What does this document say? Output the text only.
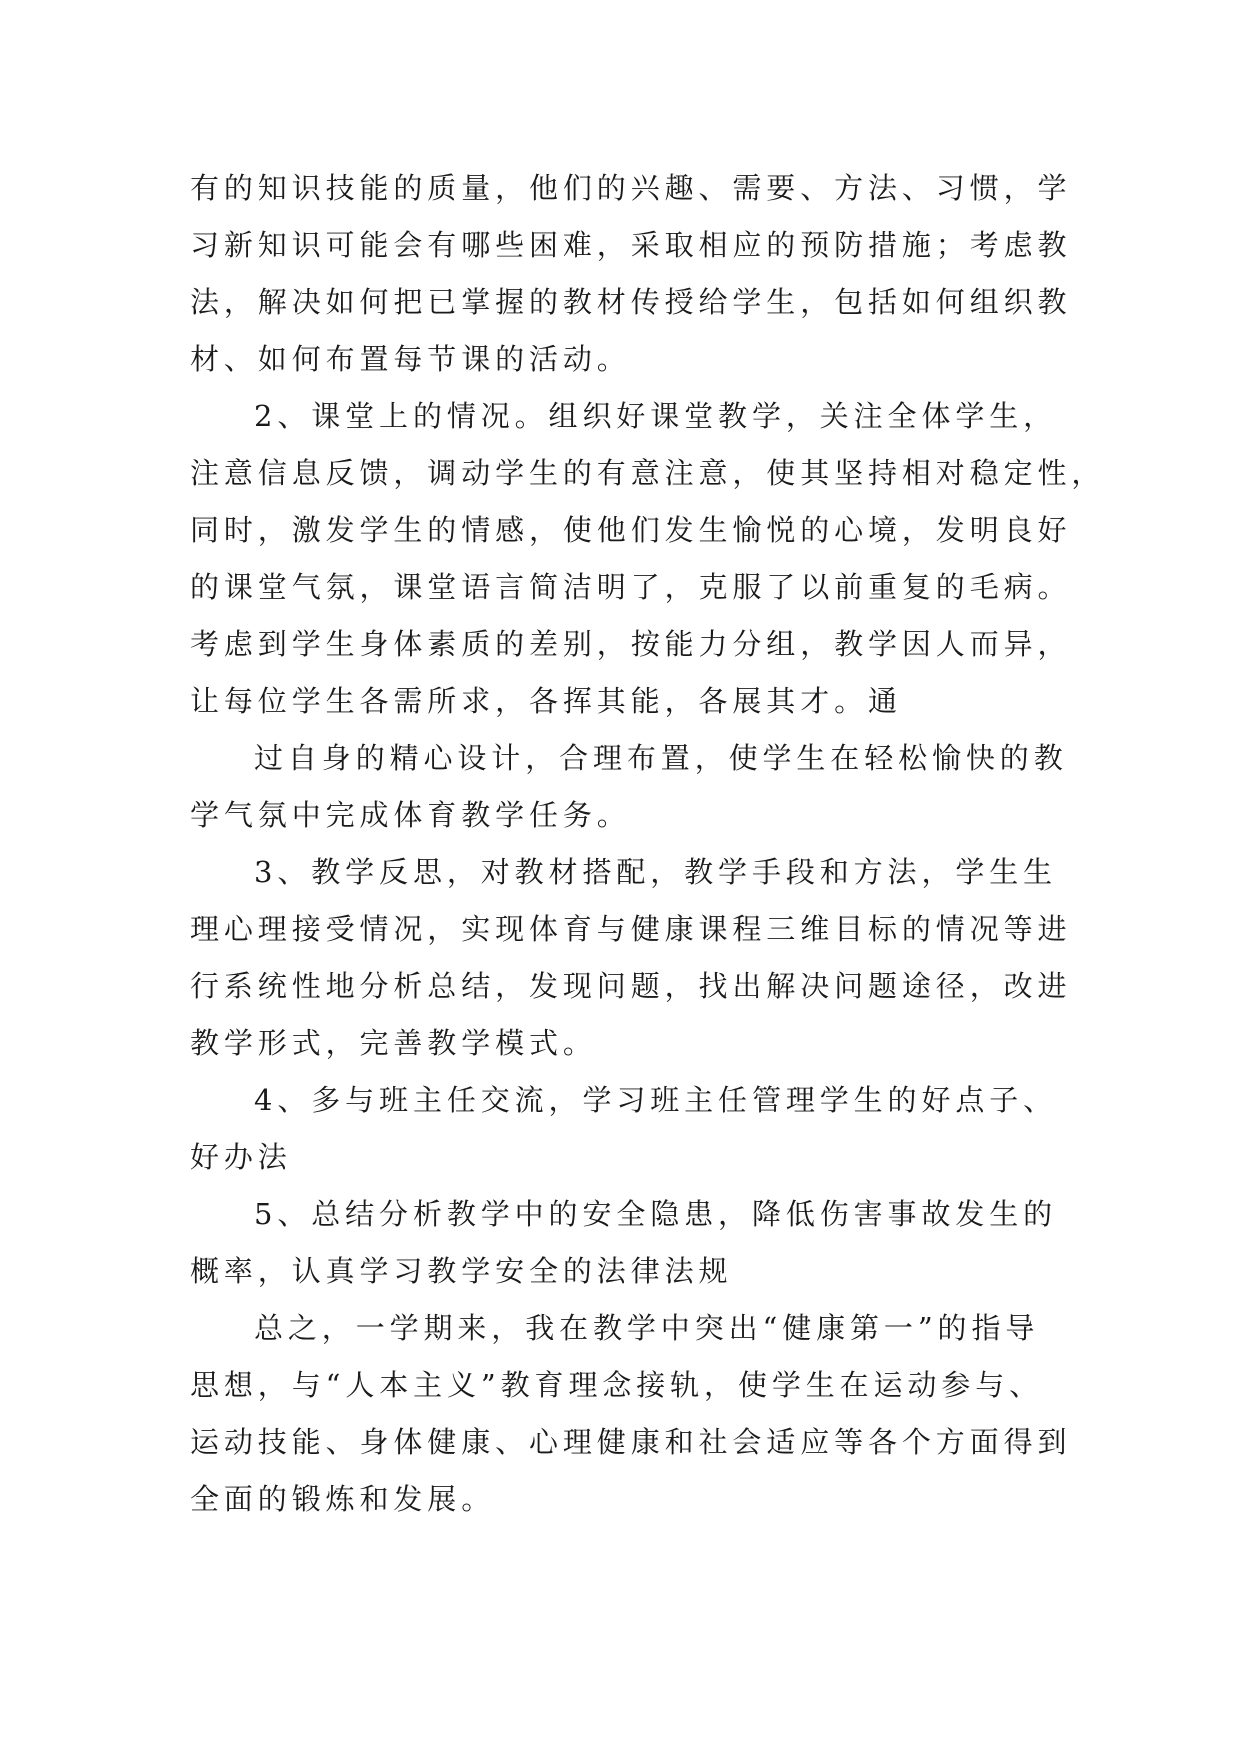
有的知识技能的质量，他们的兴趣、需要、方法、习惯，学
习新知识可能会有哪些困难，采取相应的预防措施；考虑教
法，解决如何把已掌握的教材传授给学生，包括如何组织教
材、如何布置每节课的活动。
2、课堂上的情况。组织好课堂教学，关注全体学生，
注意信息反馈，调动学生的有意注意，使其坚持相对稳定性，
同时，激发学生的情感，使他们发生愉悦的心境，发明良好
的课堂气氛，课堂语言简洁明了，克服了以前重复的毛病。
考虑到学生身体素质的差别，按能力分组，教学因人而异，
让每位学生各需所求，各挥其能，各展其才。通
过自身的精心设计，合理布置，使学生在轻松愉快的教
学气氛中完成体育教学任务。
3、教学反思，对教材搭配，教学手段和方法，学生生
理心理接受情况，实现体育与健康课程三维目标的情况等进
行系统性地分析总结，发现问题，找出解决问题途径，改进
教学形式，完善教学模式。
4、多与班主任交流，学习班主任管理学生的好点子、
好办法
5、总结分析教学中的安全隐患，降低伤害事故发生的
概率，认真学习教学安全的法律法规
总之，一学期来，我在教学中突出“健康第一”的指导
思想，与“人本主义”教育理念接轨，使学生在运动参与、
运动技能、身体健康、心理健康和社会适应等各个方面得到
全面的锻炼和发展。
